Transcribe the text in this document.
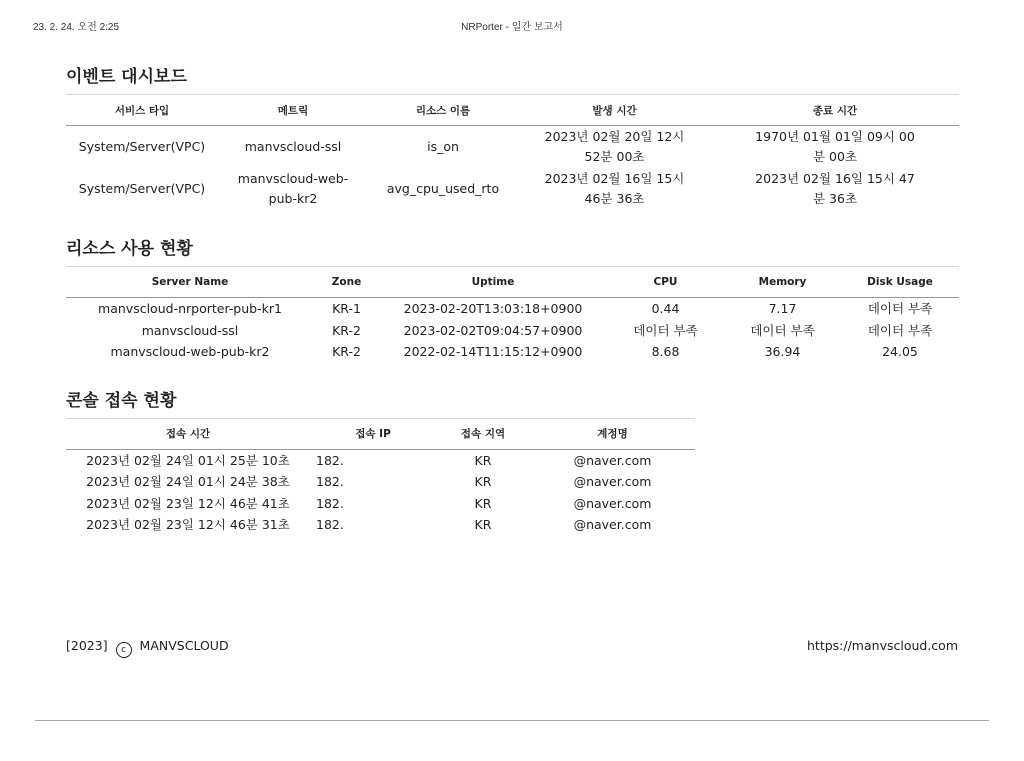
23. 2. 24. 오전 2:25	NRPorter - 일간 보고서
이벤트 대시보드
서비스 타입	메트릭	리소스 이름	발생 시간	종료 시간
System/Server(VPC)	manvscloud-ssl	is_on	2023년 02월 20일 12시 52분 00초	1970년 01월 01일 09시 00분 00초
System/Server(VPC)	manvscloud-web-pub-kr2	avg_cpu_used_rto	2023년 02월 16일 15시 46분 36초	2023년 02월 16일 15시 47분 36초
리소스 사용 현황
Server Name	Zone	Uptime	CPU	Memory	Disk Usage
manvscloud-nrporter-pub-kr1	KR-1	2023-02-20T13:03:18+0900	0.44	7.17	데이터 부족
manvscloud-ssl	KR-2	2023-02-02T09:04:57+0900	데이터 부족	데이터 부족	데이터 부족
manvscloud-web-pub-kr2	KR-2	2022-02-14T11:15:12+0900	8.68	36.94	24.05
콘솔 접속 현황
접속 시간	접속 IP	접속 지역	계정명
2023년 02월 24일 01시 25분 10초	182.	KR	@naver.com
2023년 02월 24일 01시 24분 38초	182.	KR	@naver.com
2023년 02월 23일 12시 46분 41초	182.	KR	@naver.com
2023년 02월 23일 12시 46분 31초	182.	KR	@naver.com
[2023] c MANVSCLOUD	https://manvscloud.com
